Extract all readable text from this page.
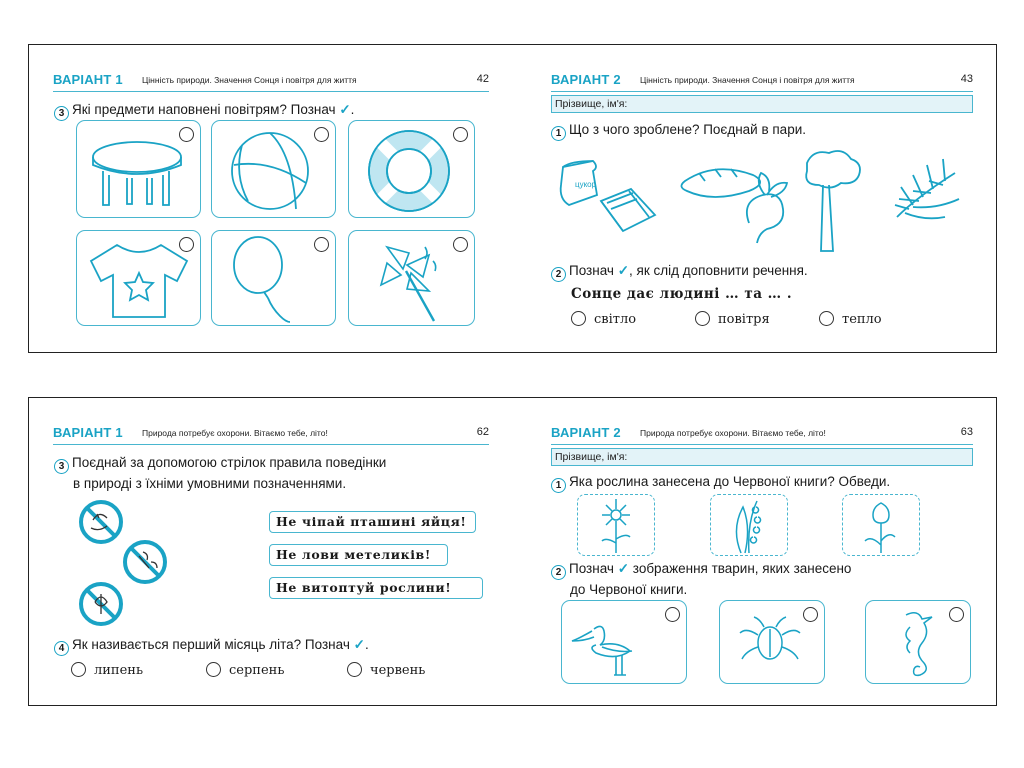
ВАРІАНТ 1 Цінність природи. Значення Сонця і повітря для життя	42
3 Які предмети наповнені повітрям? Познач ✓.
ВАРІАНТ 2 Цінність природи. Значення Сонця і повітря для життя	43
Прізвище, ім'я:
1 Що з чого зроблене? Поєднай в пари.
цукор
2 Познач ✓, як слід доповнити речення.
Сонце дає людині … та … .
світло	повітря	тепло
ВАРІАНТ 1 Природа потребує охорони. Вітаємо тебе, літо!	62
3 Поєднай за допомогою стрілок правила поведінки
в природі з їхніми умовними позначеннями.
Не чіпай пташині яйця!
Не лови метеликів!
Не витоптуй рослини!
4 Як називається перший місяць літа? Познач ✓.
липень	серпень	червень
ВАРІАНТ 2 Природа потребує охорони. Вітаємо тебе, літо!	63
Прізвище, ім'я:
1 Яка рослина занесена до Червоної книги? Обведи.
2 Познач ✓ зображення тварин, яких занесено
до Червоної книги.
